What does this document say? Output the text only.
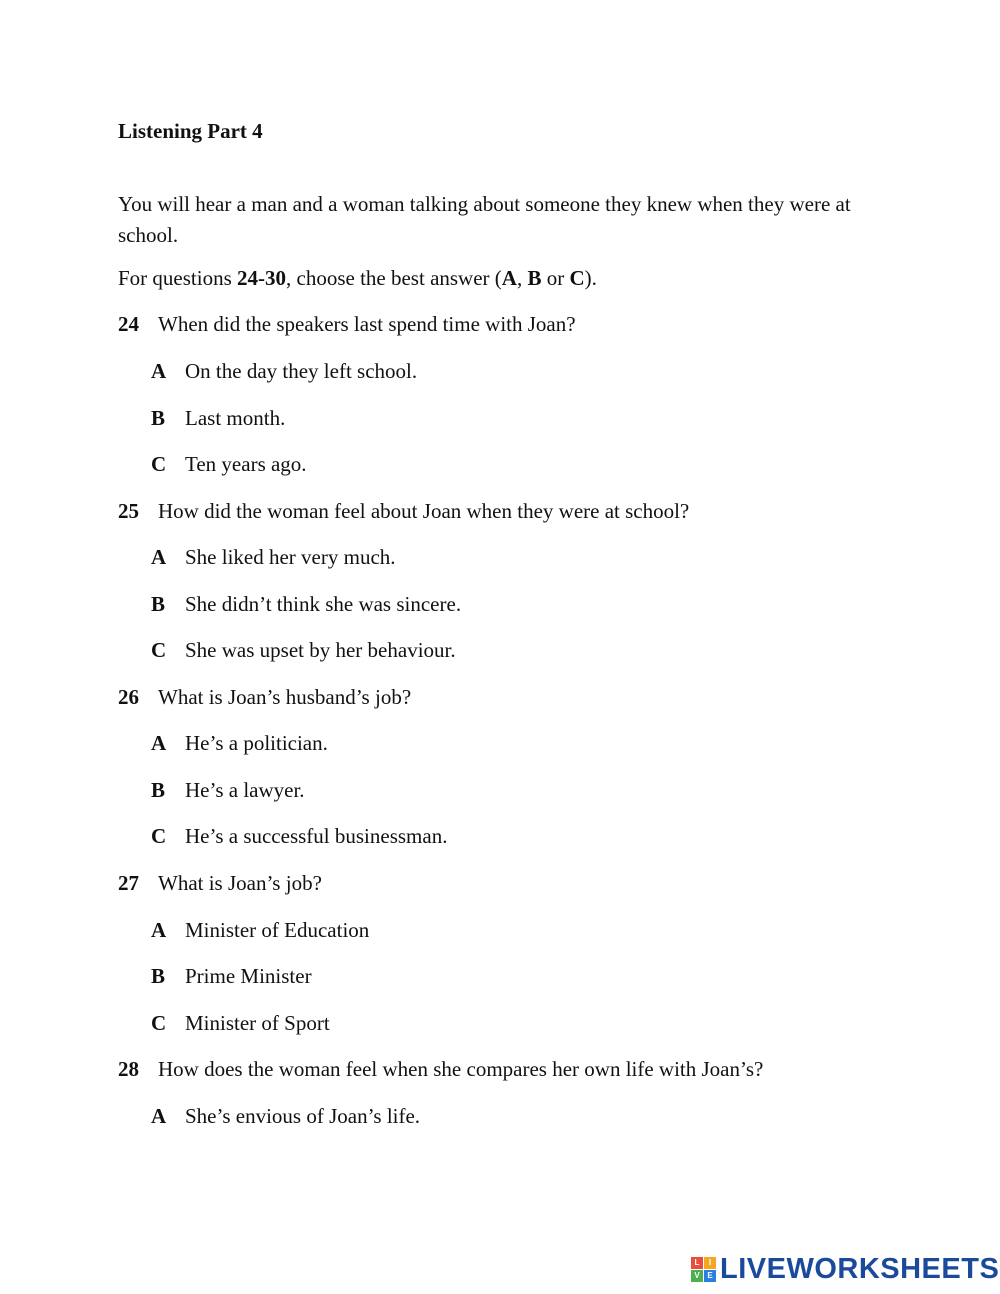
Listening Part 4

You will hear a man and a woman talking about someone they knew when they were at school.

For questions 24-30, choose the best answer (A, B or C).

24 When did the speakers last spend time with Joan?
A On the day they left school.
B Last month.
C Ten years ago.
25 How did the woman feel about Joan when they were at school?
A She liked her very much.
B She didn’t think she was sincere.
C She was upset by her behaviour.
26 What is Joan’s husband’s job?
A He’s a politician.
B He’s a lawyer.
C He’s a successful businessman.
27 What is Joan’s job?
A Minister of Education
B Prime Minister
C Minister of Sport
28 How does the woman feel when she compares her own life with Joan’s?
A She’s envious of Joan’s life.
L	I
V E LIVEWORKSHEETS
